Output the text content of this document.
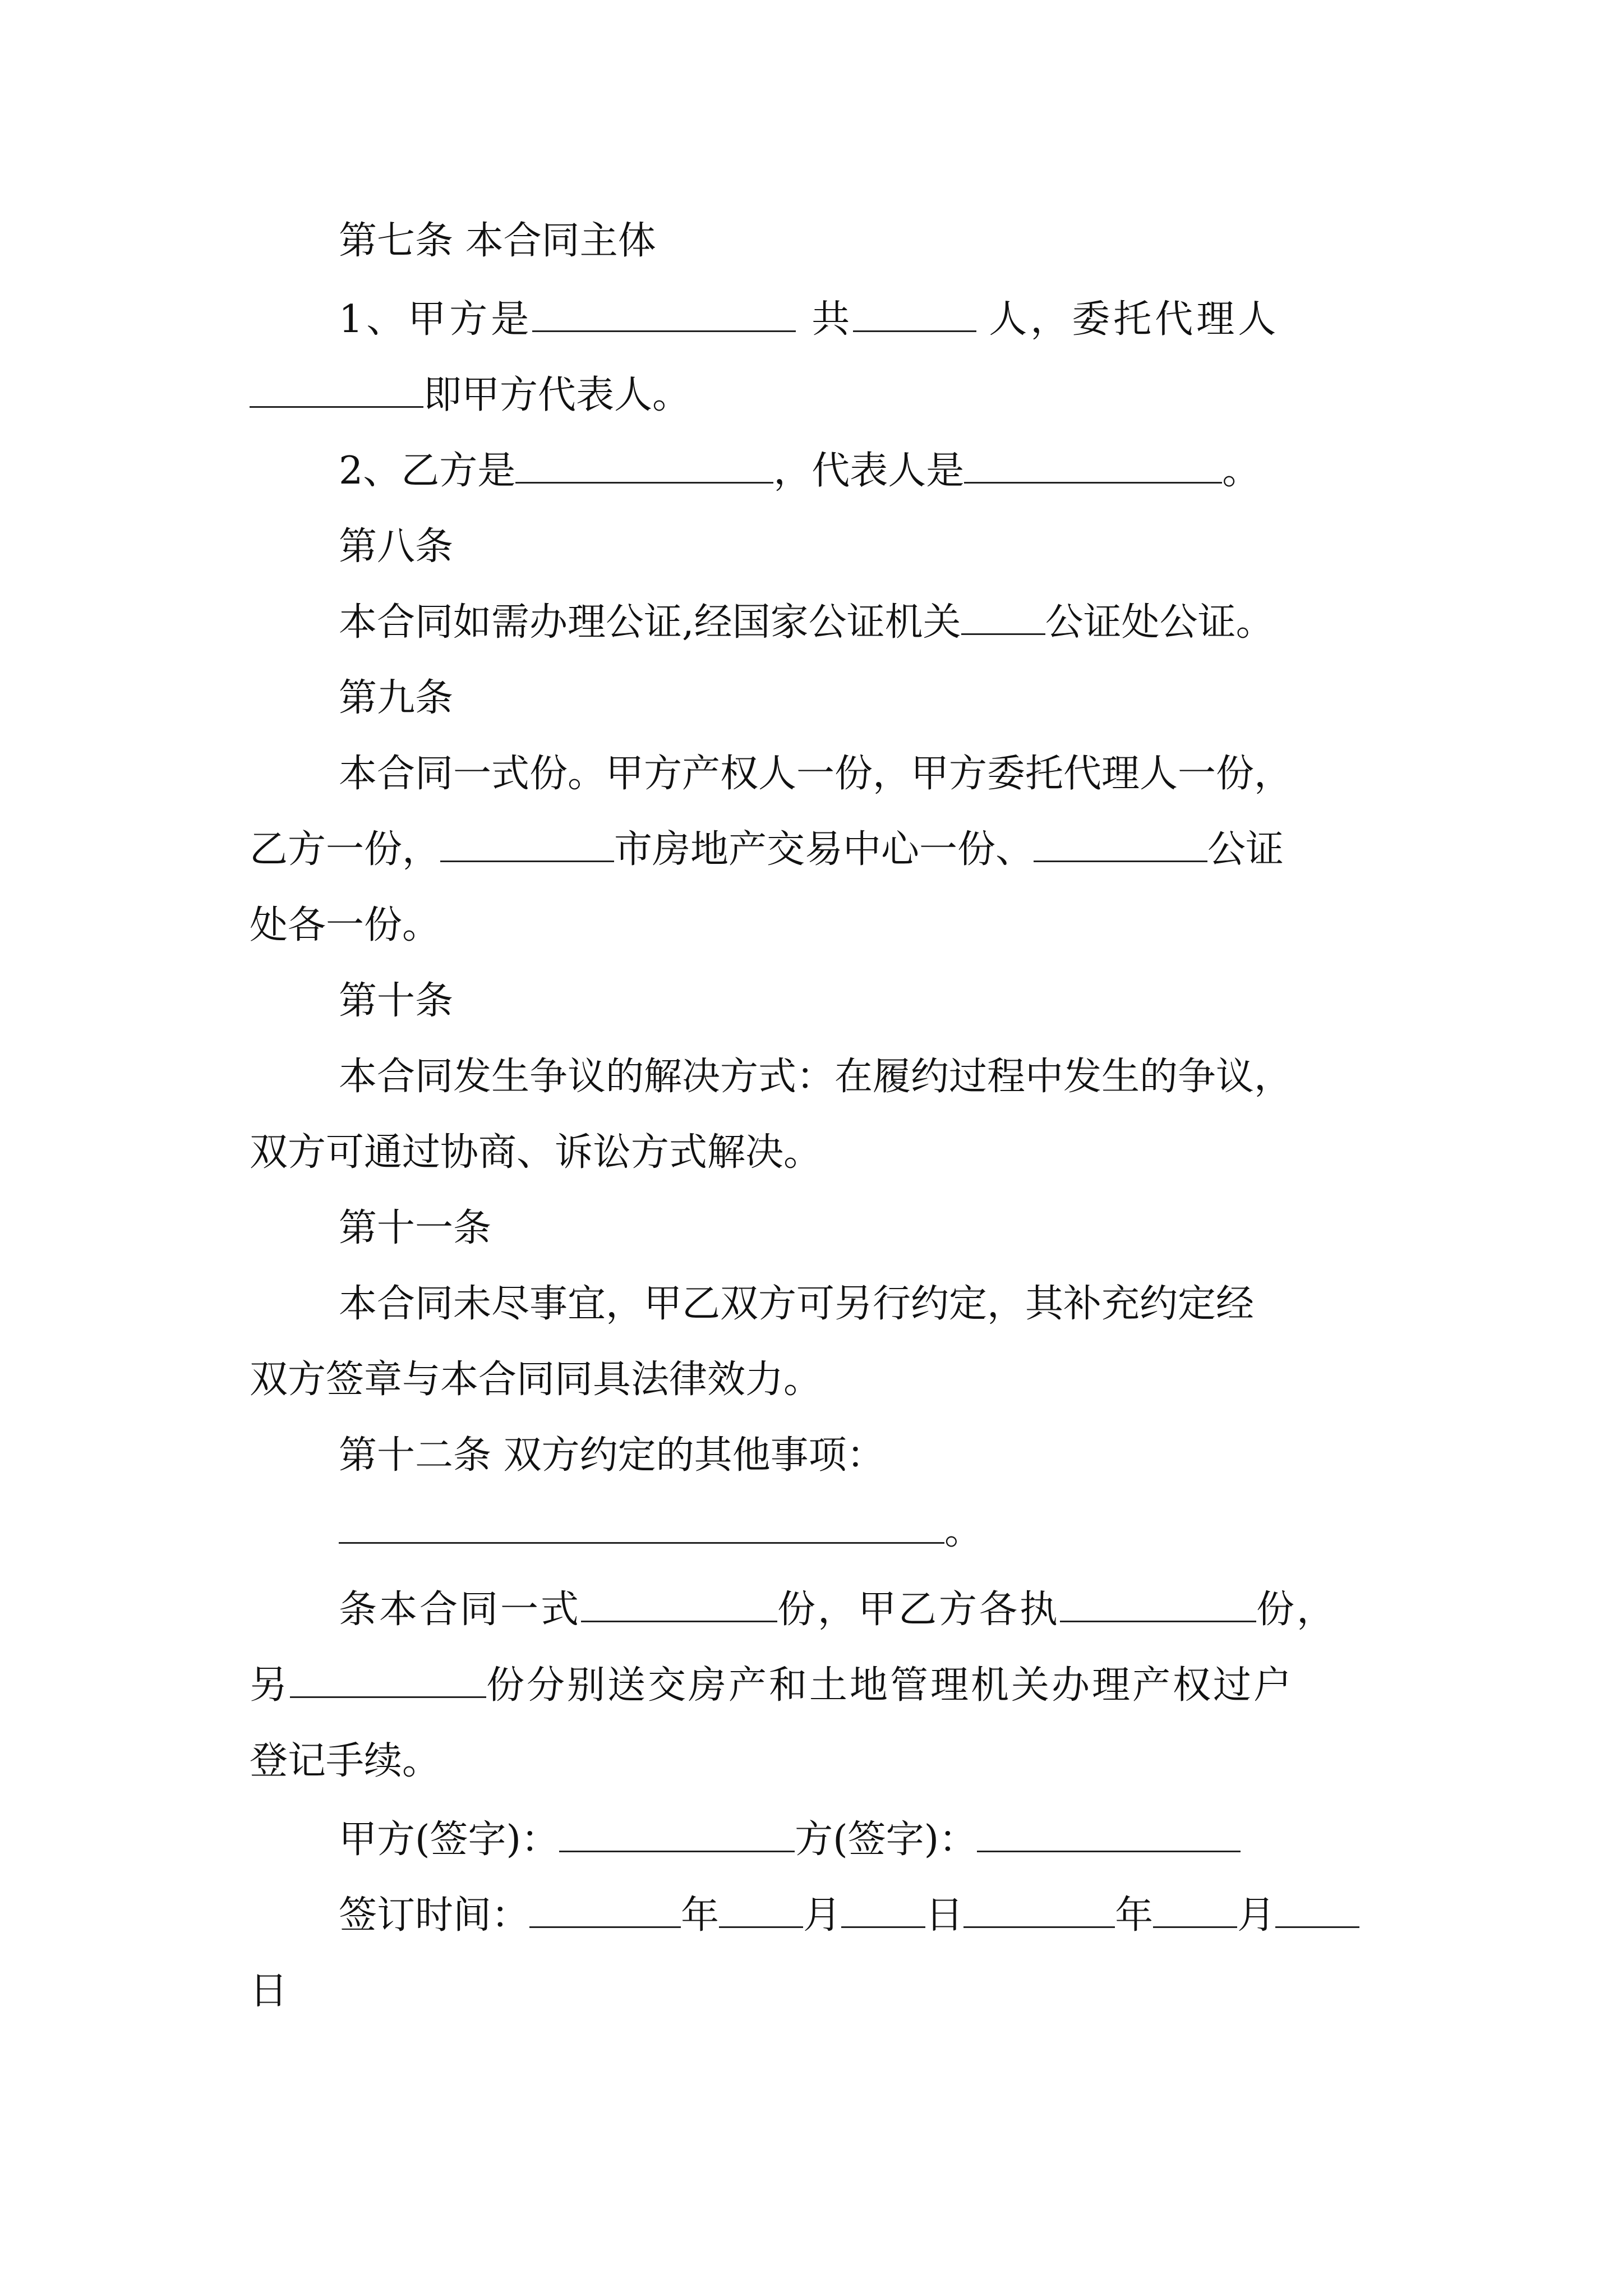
第七条 本合同主体
1、甲方是	共	人，委托代理人
即甲方代表人。
2、乙方是	，代表人是	。
第八条
本合同如需办理公证,经国家公证机关 公证处公证。
第九条
本合同一式份。甲方产权人一份，甲方委托代理人一份，
乙方一份，	市房地产交易中心一份、	公证
处各一份。
第十条
本合同发生争议的解决方式：在履约过程中发生的争议，
双方可通过协商、诉讼方式解决。
第十一条
本合同未尽事宜，甲乙双方可另行约定，其补充约定经
双方签章与本合同同具法律效力。
第十二条 双方约定的其他事项：
。
条本合同一式	份，甲乙方各执	份，
另	份分别送交房产和土地管理机关办理产权过户
登记手续。
甲方(签字)：	方(签字)：
签订时间：	年 月 日	年 月
日
